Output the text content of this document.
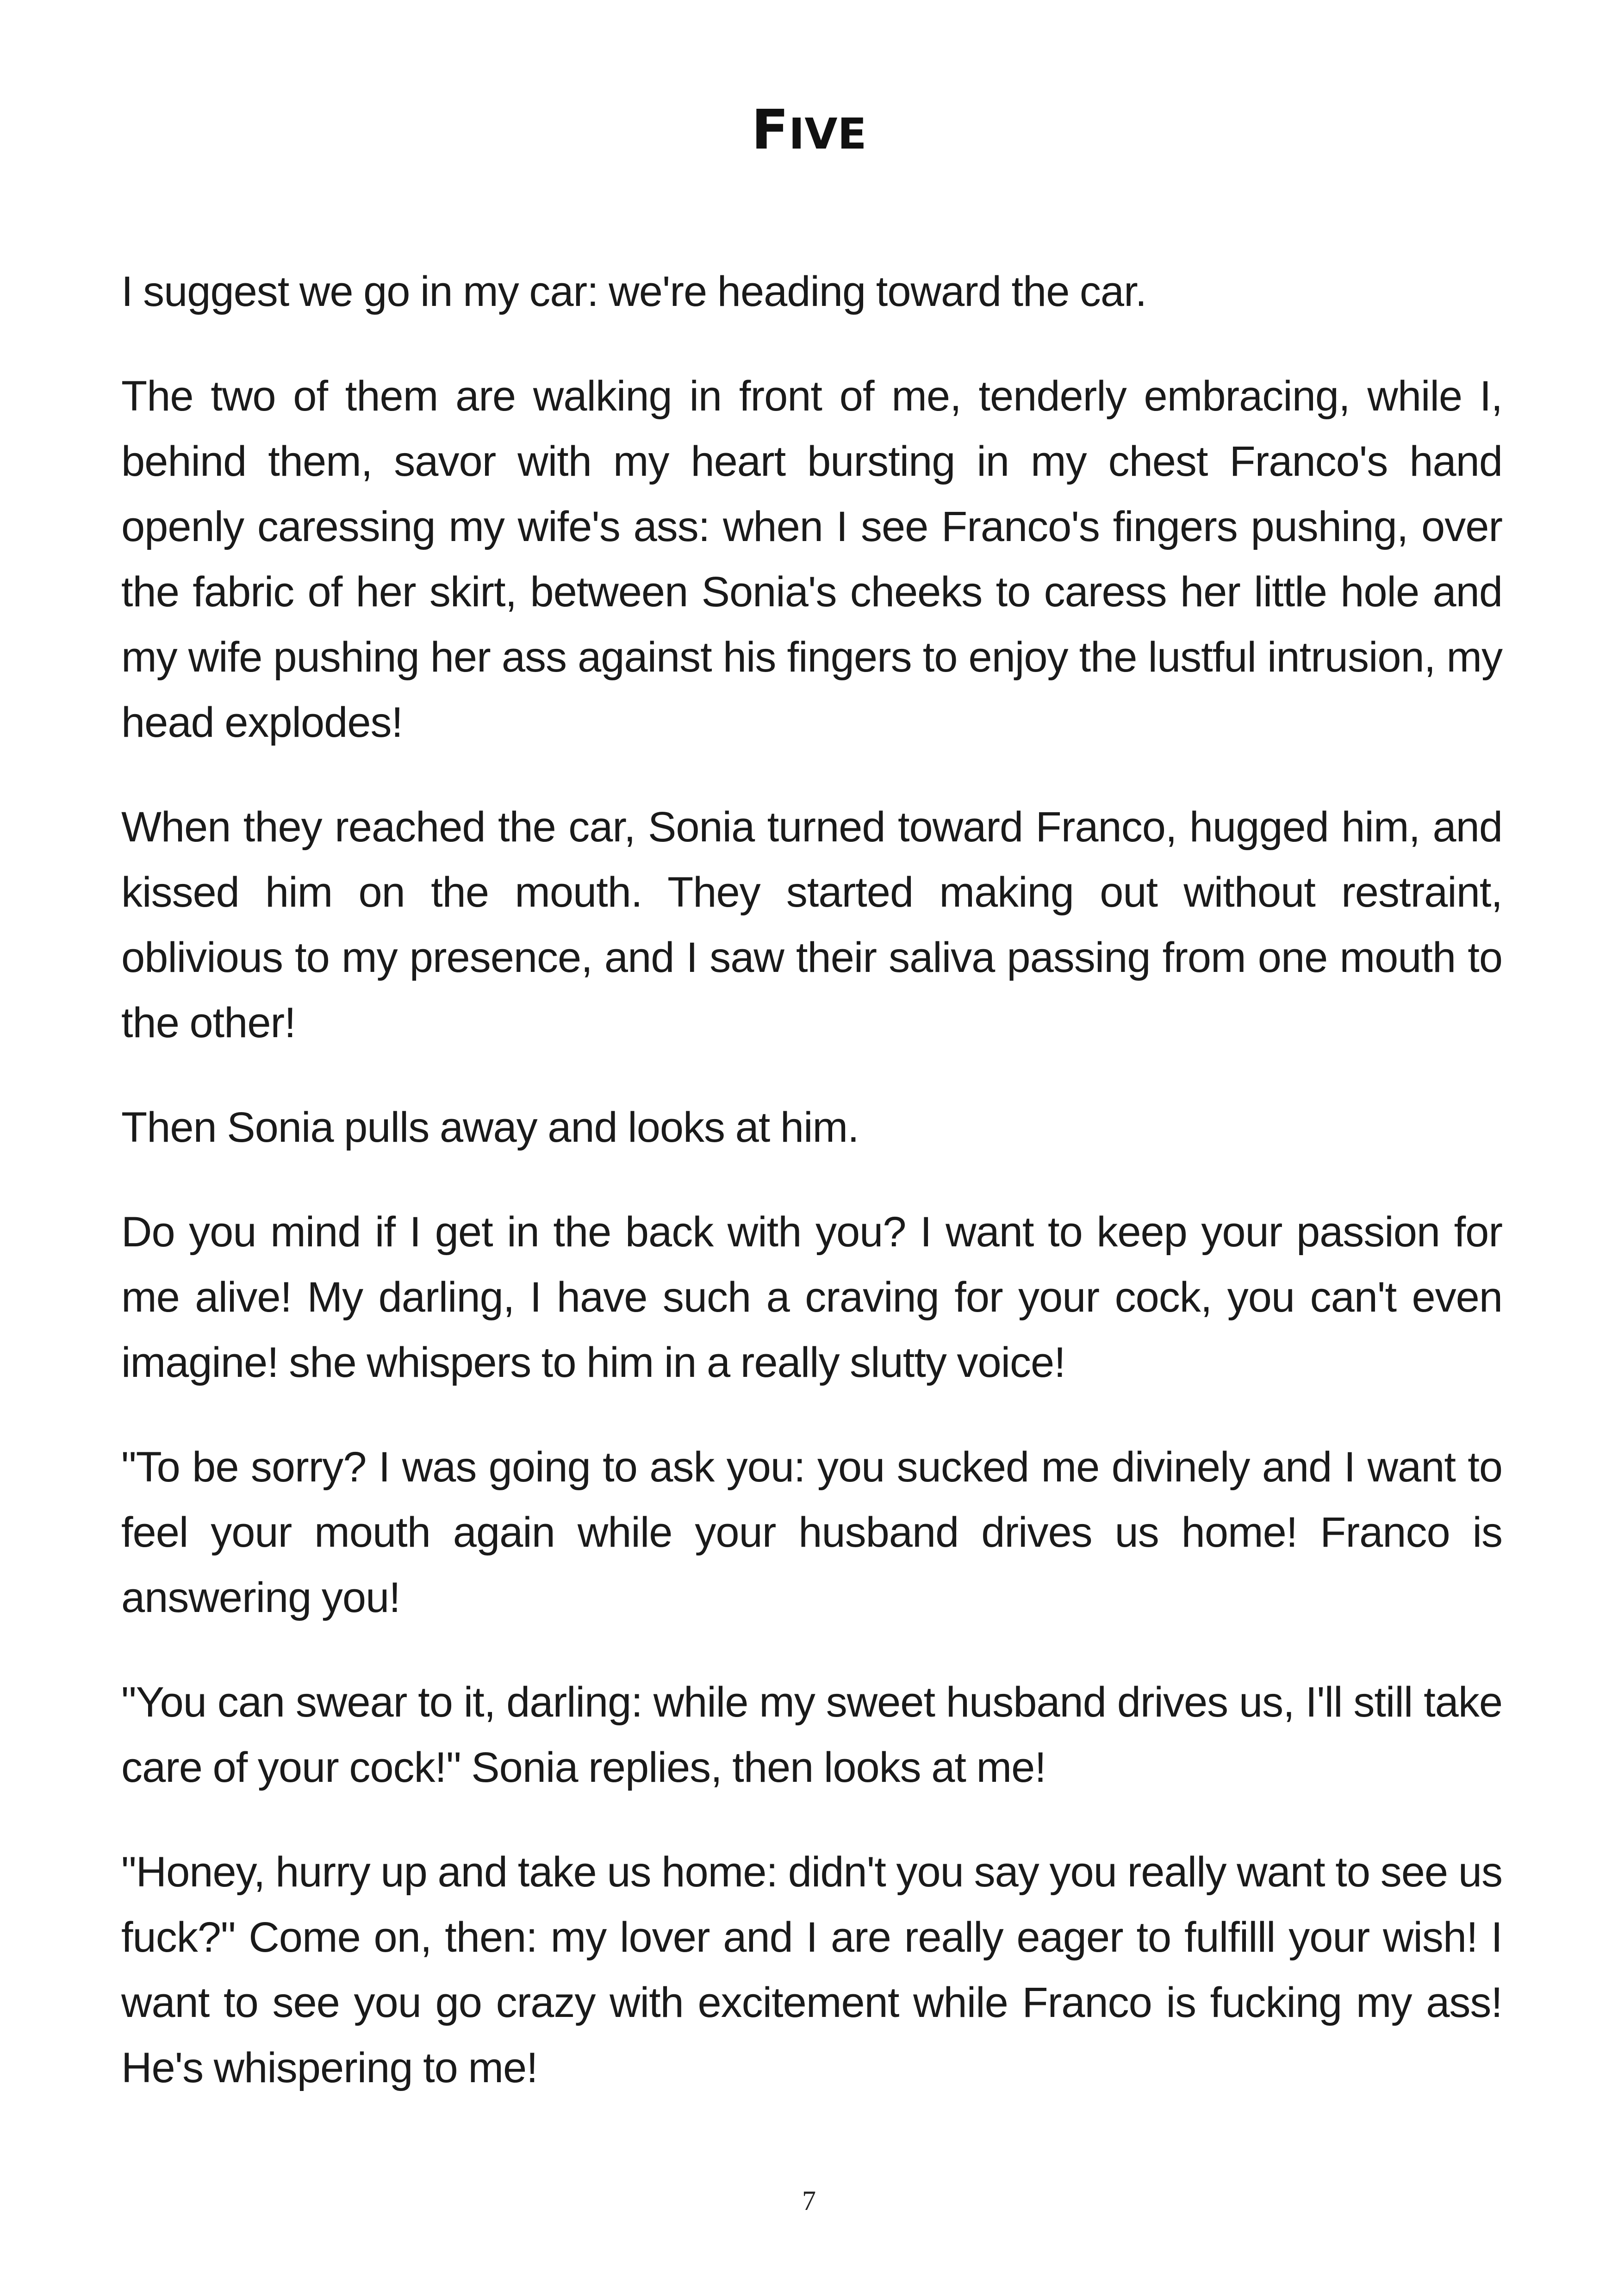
FIVE

I suggest we go in my car: we're heading toward the car.

The two of them are walking in front of me, tenderly embracing, while I, behind them, savor with my heart bursting in my chest Franco's hand openly caressing my wife's ass: when I see Franco's fingers pushing, over the fabric of her skirt, between Sonia's cheeks to caress her little hole and my wife pushing her ass against his fingers to enjoy the lustful intrusion, my head explodes!

When they reached the car, Sonia turned toward Franco, hugged him, and kissed him on the mouth. They started making out without restraint, oblivious to my presence, and I saw their saliva passing from one mouth to the other!

Then Sonia pulls away and looks at him.

Do you mind if I get in the back with you? I want to keep your passion for me alive! My darling, I have such a craving for your cock, you can't even imagine! she whispers to him in a really slutty voice!

"To be sorry? I was going to ask you: you sucked me divinely and I want to feel your mouth again while your husband drives us home! Franco is answering you!

"You can swear to it, darling: while my sweet husband drives us, I'll still take care of your cock!" Sonia replies, then looks at me!

"Honey, hurry up and take us home: didn't you say you really want to see us fuck?" Come on, then: my lover and I are really eager to fulfilll your wish! I want to see you go crazy with excitement while Franco is fucking my ass! He's whispering to me!

7
